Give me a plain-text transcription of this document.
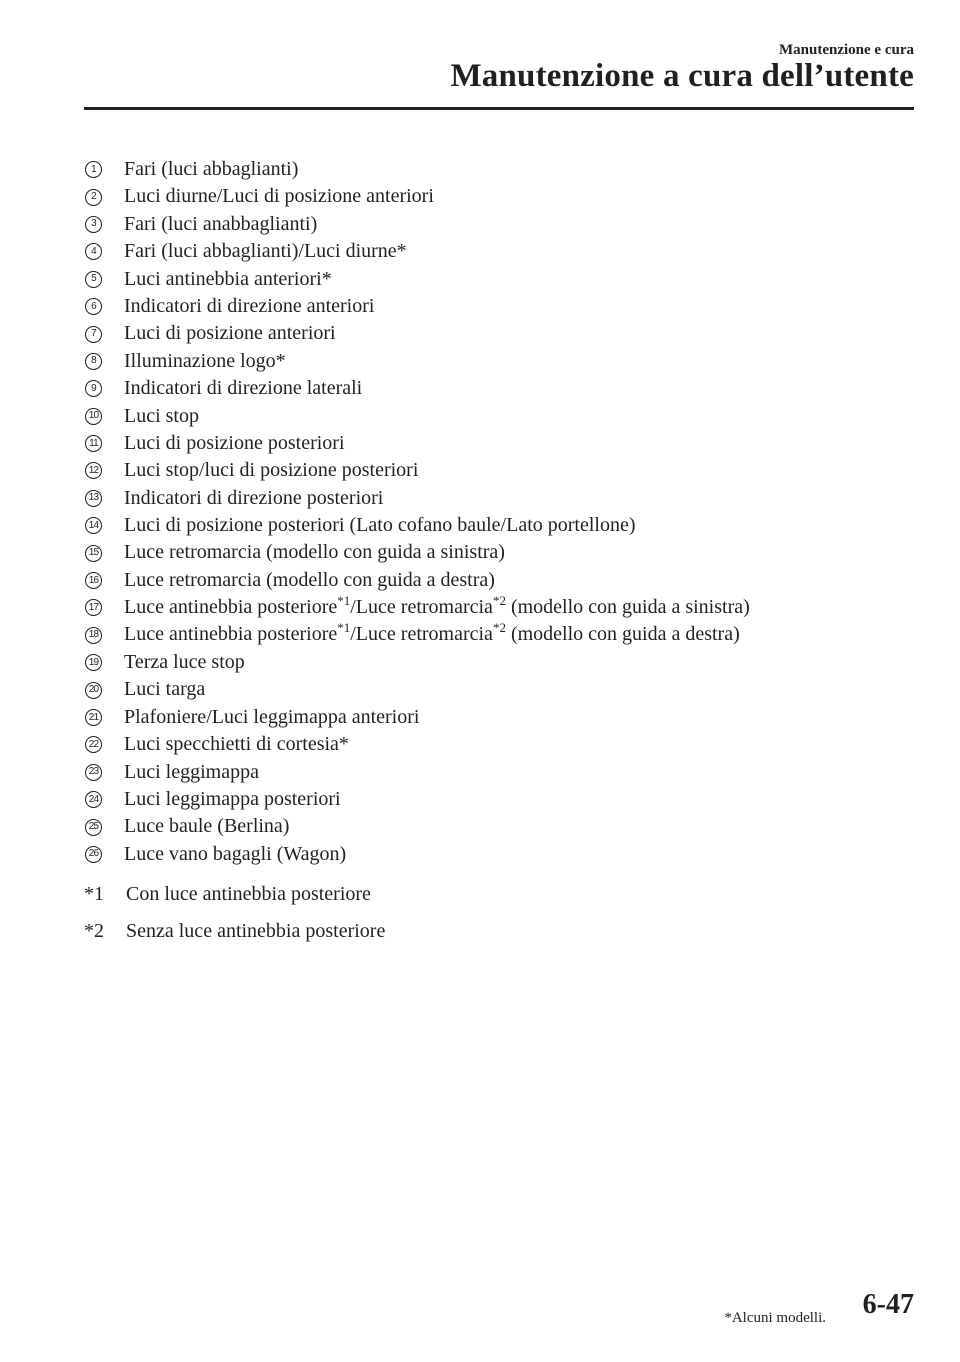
Manutenzione e cura
Manutenzione a cura dell’utente
1	Fari (luci abbaglianti)
2	Luci diurne/Luci di posizione anteriori
3	Fari (luci anabbaglianti)
4	Fari (luci abbaglianti)/Luci diurne*
5	Luci antinebbia anteriori*
6	Indicatori di direzione anteriori
7	Luci di posizione anteriori
8	Illuminazione logo*
9	Indicatori di direzione laterali
10 Luci stop
11 Luci di posizione posteriori
12 Luci stop/luci di posizione posteriori
13 Indicatori di direzione posteriori
14 Luci di posizione posteriori (Lato cofano baule/Lato portellone)
15 Luce retromarcia (modello con guida a sinistra)
16 Luce retromarcia (modello con guida a destra)
17 Luce antinebbia posteriore$^{*1}$/Luce retromarcia$^{*2}$ (modello con guida a sinistra)
18 Luce antinebbia posteriore$^{*1}$/Luce retromarcia$^{*2}$ (modello con guida a destra)
19 Terza luce stop
20 Luci targa
21 Plafoniere/Luci leggimappa anteriori
22 Luci specchietti di cortesia*
23 Luci leggimappa
24 Luci leggimappa posteriori
25 Luce baule (Berlina)
26 Luce vano bagagli (Wagon)
*1	Con luce antinebbia posteriore
*2	Senza luce antinebbia posteriore
*Alcuni modelli. 6-47
